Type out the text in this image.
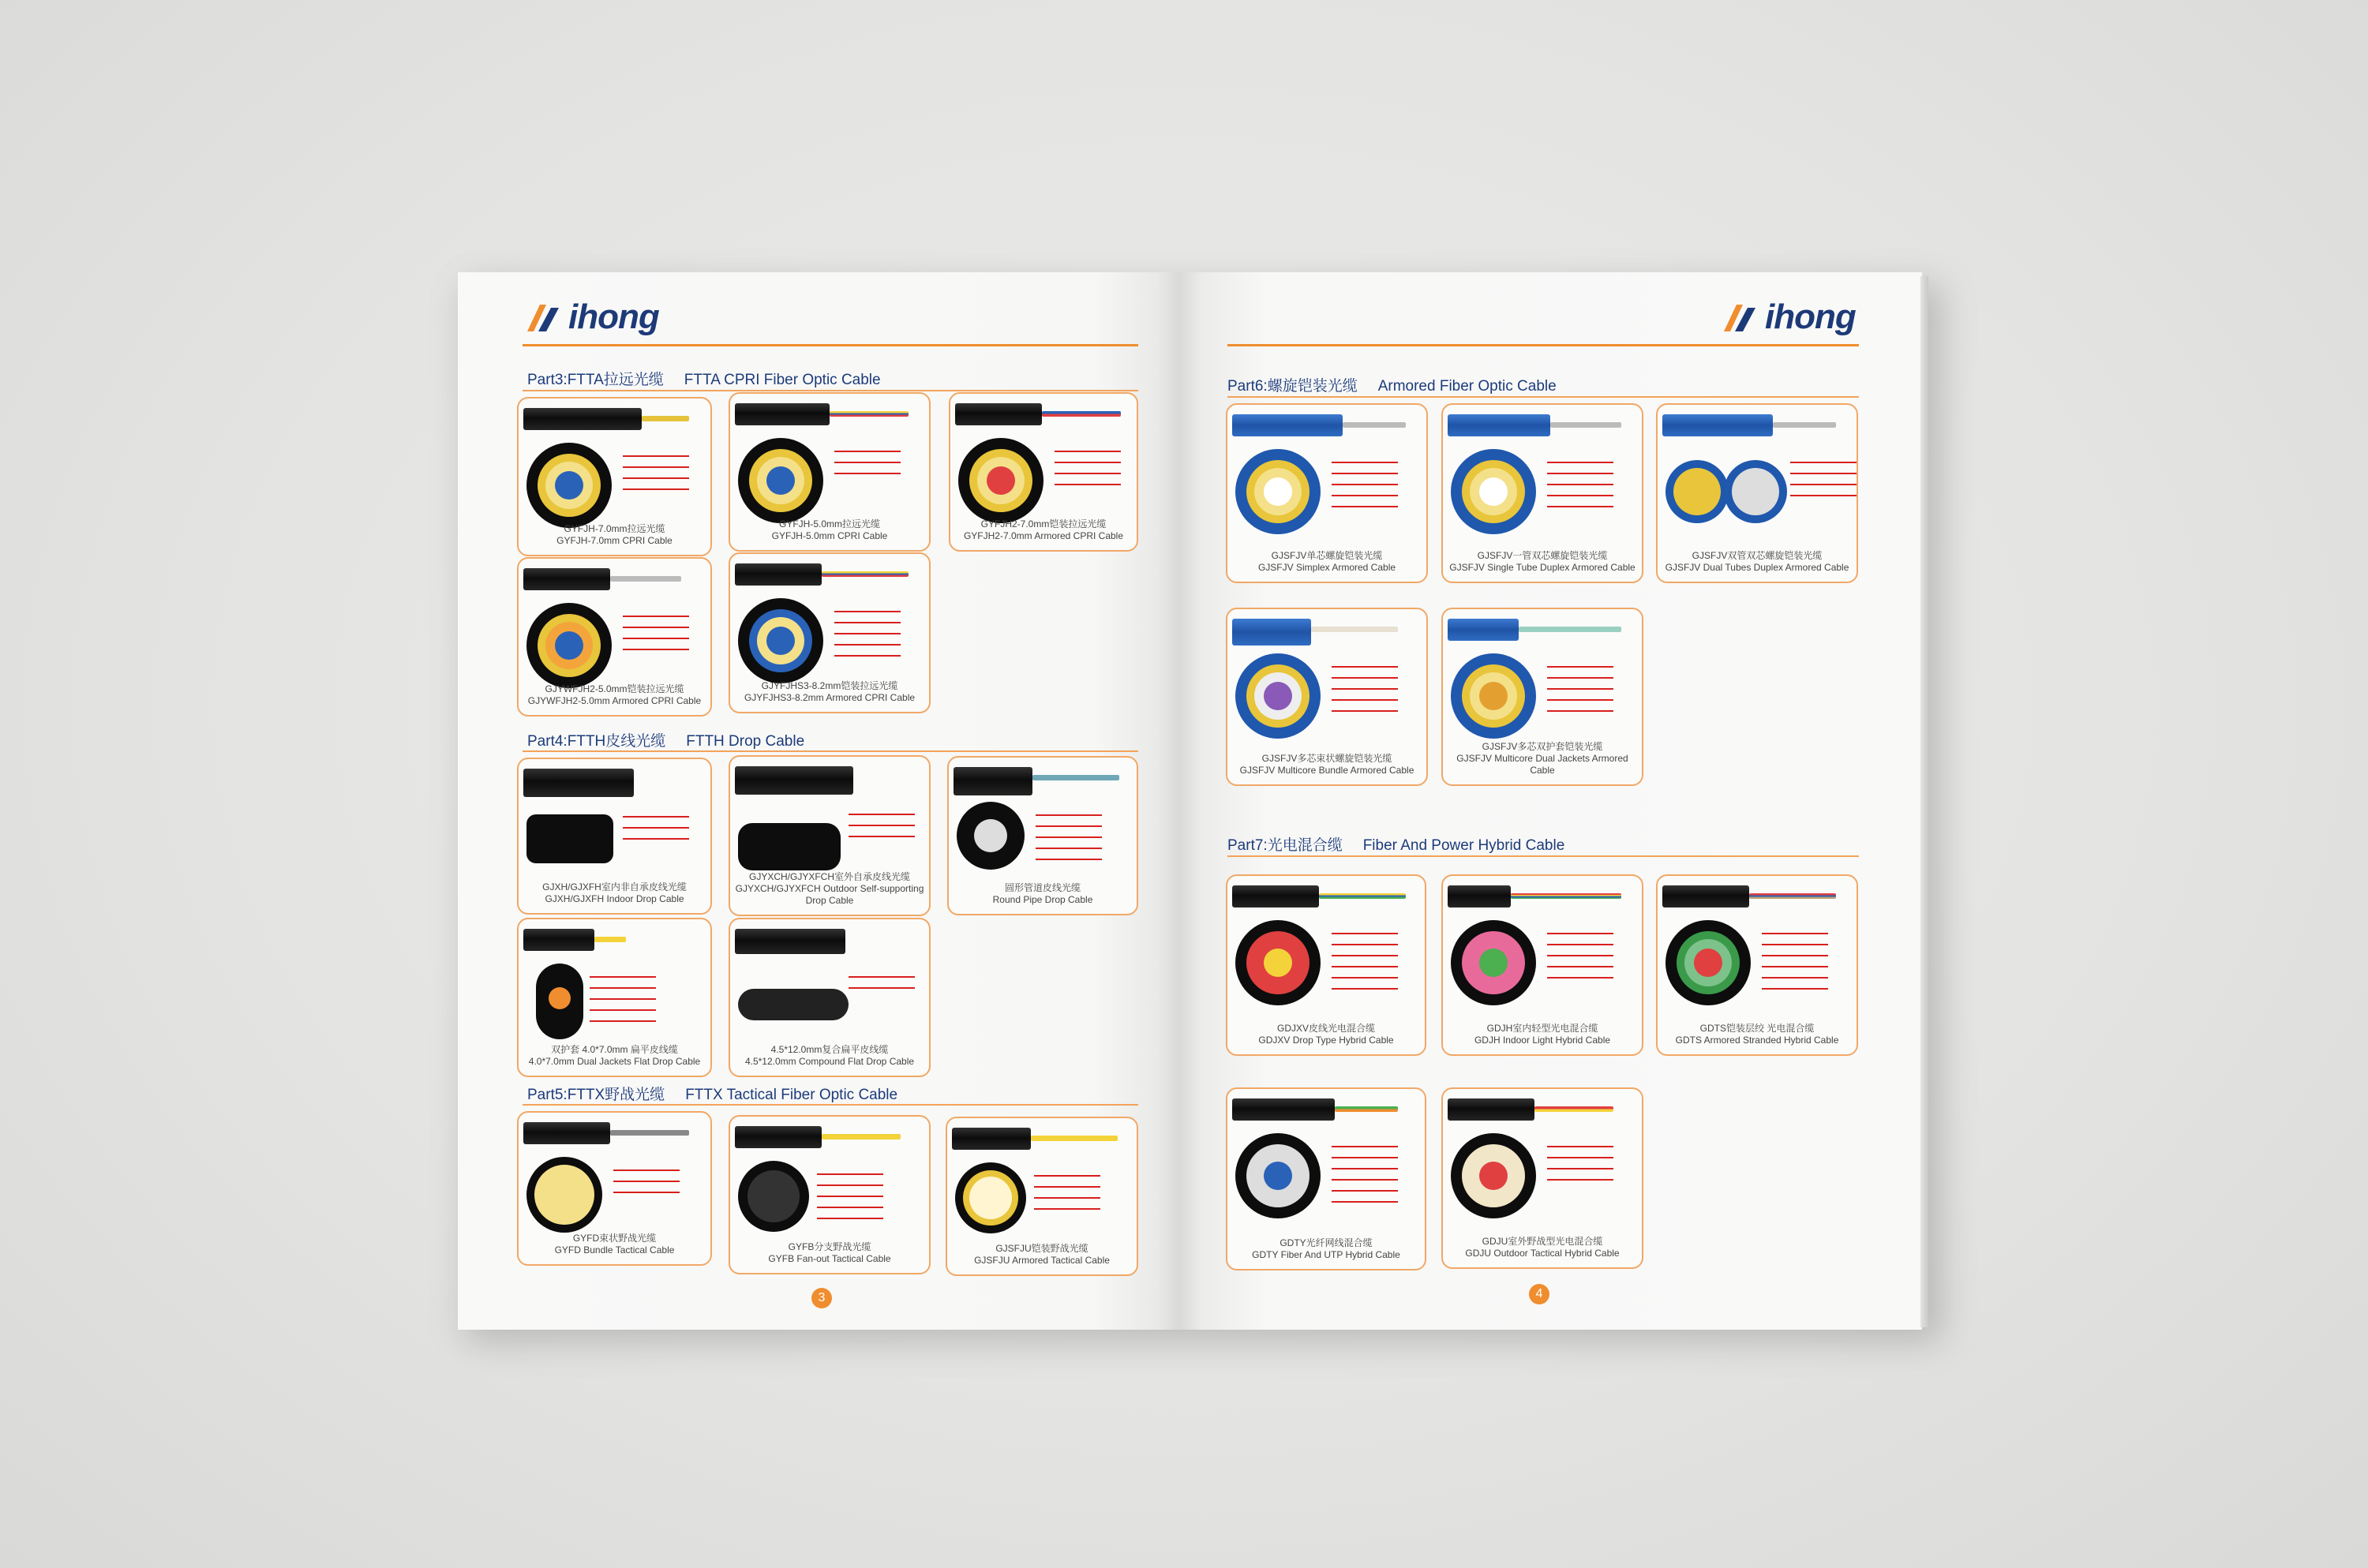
ihong	ihong
Part3:FTTA拉远光缆 FTTA CPRI Fiber Optic Cable
GYFJH-7.0mm拉远光缆
GYFJH-7.0mm CPRI Cable
GYFJH-5.0mm拉远光缆
GYFJH-5.0mm CPRI Cable
GYFJH2-7.0mm铠装拉远光缆
GYFJH2-7.0mm Armored CPRI Cable
GJYWFJH2-5.0mm铠装拉远光缆
GJYWFJH2-5.0mm Armored CPRI Cable
GJYFJHS3-8.2mm铠装拉远光缆
GJYFJHS3-8.2mm Armored CPRI Cable
Part4:FTTH皮线光缆 FTTH Drop Cable
GJXH/GJXFH室内非自承皮线光缆
GJXH/GJXFH Indoor Drop Cable
GJYXCH/GJYXFCH室外自承皮线光缆
GJYXCH/GJYXFCH Outdoor Self-supporting Drop Cable
圆形管道皮线光缆
Round Pipe Drop Cable
双护套 4.0*7.0mm 扁平皮线缆
4.0*7.0mm Dual Jackets Flat Drop Cable
4.5*12.0mm复合扁平皮线缆
4.5*12.0mm Compound Flat Drop Cable
Part5:FTTX野战光缆 FTTX Tactical Fiber Optic Cable
GYFD束状野战光缆
GYFD Bundle Tactical Cable	GYFB分支野战光缆
GYFB Fan-out Tactical Cable
GJSFJU铠装野战光缆
GJSFJU Armored Tactical Cable
3
Part6:螺旋铠装光缆 Armored Fiber Optic Cable
GJSFJV单芯螺旋铠装光缆
GJSFJV Simplex Armored Cable
GJSFJV一管双芯螺旋铠装光缆
GJSFJV Single Tube Duplex Armored Cable
GJSFJV双管双芯螺旋铠装光缆
GJSFJV Dual Tubes Duplex Armored Cable
GJSFJV多芯束状螺旋铠装光缆
GJSFJV Multicore Bundle Armored Cable
GJSFJV多芯双护套铠装光缆
GJSFJV Multicore Dual Jackets Armored Cable
Part7:光电混合缆 Fiber And Power Hybrid Cable
GDJXV皮线光电混合缆
GDJXV Drop Type Hybrid Cable
GDJH室内轻型光电混合缆
GDJH Indoor Light Hybrid Cable
GDTS铠装层绞 光电混合缆
GDTS Armored Stranded Hybrid Cable
GDTY光纤网线混合缆
GDTY Fiber And UTP Hybrid Cable
GDJU室外野战型光电混合缆
GDJU Outdoor Tactical Hybrid Cable
4
